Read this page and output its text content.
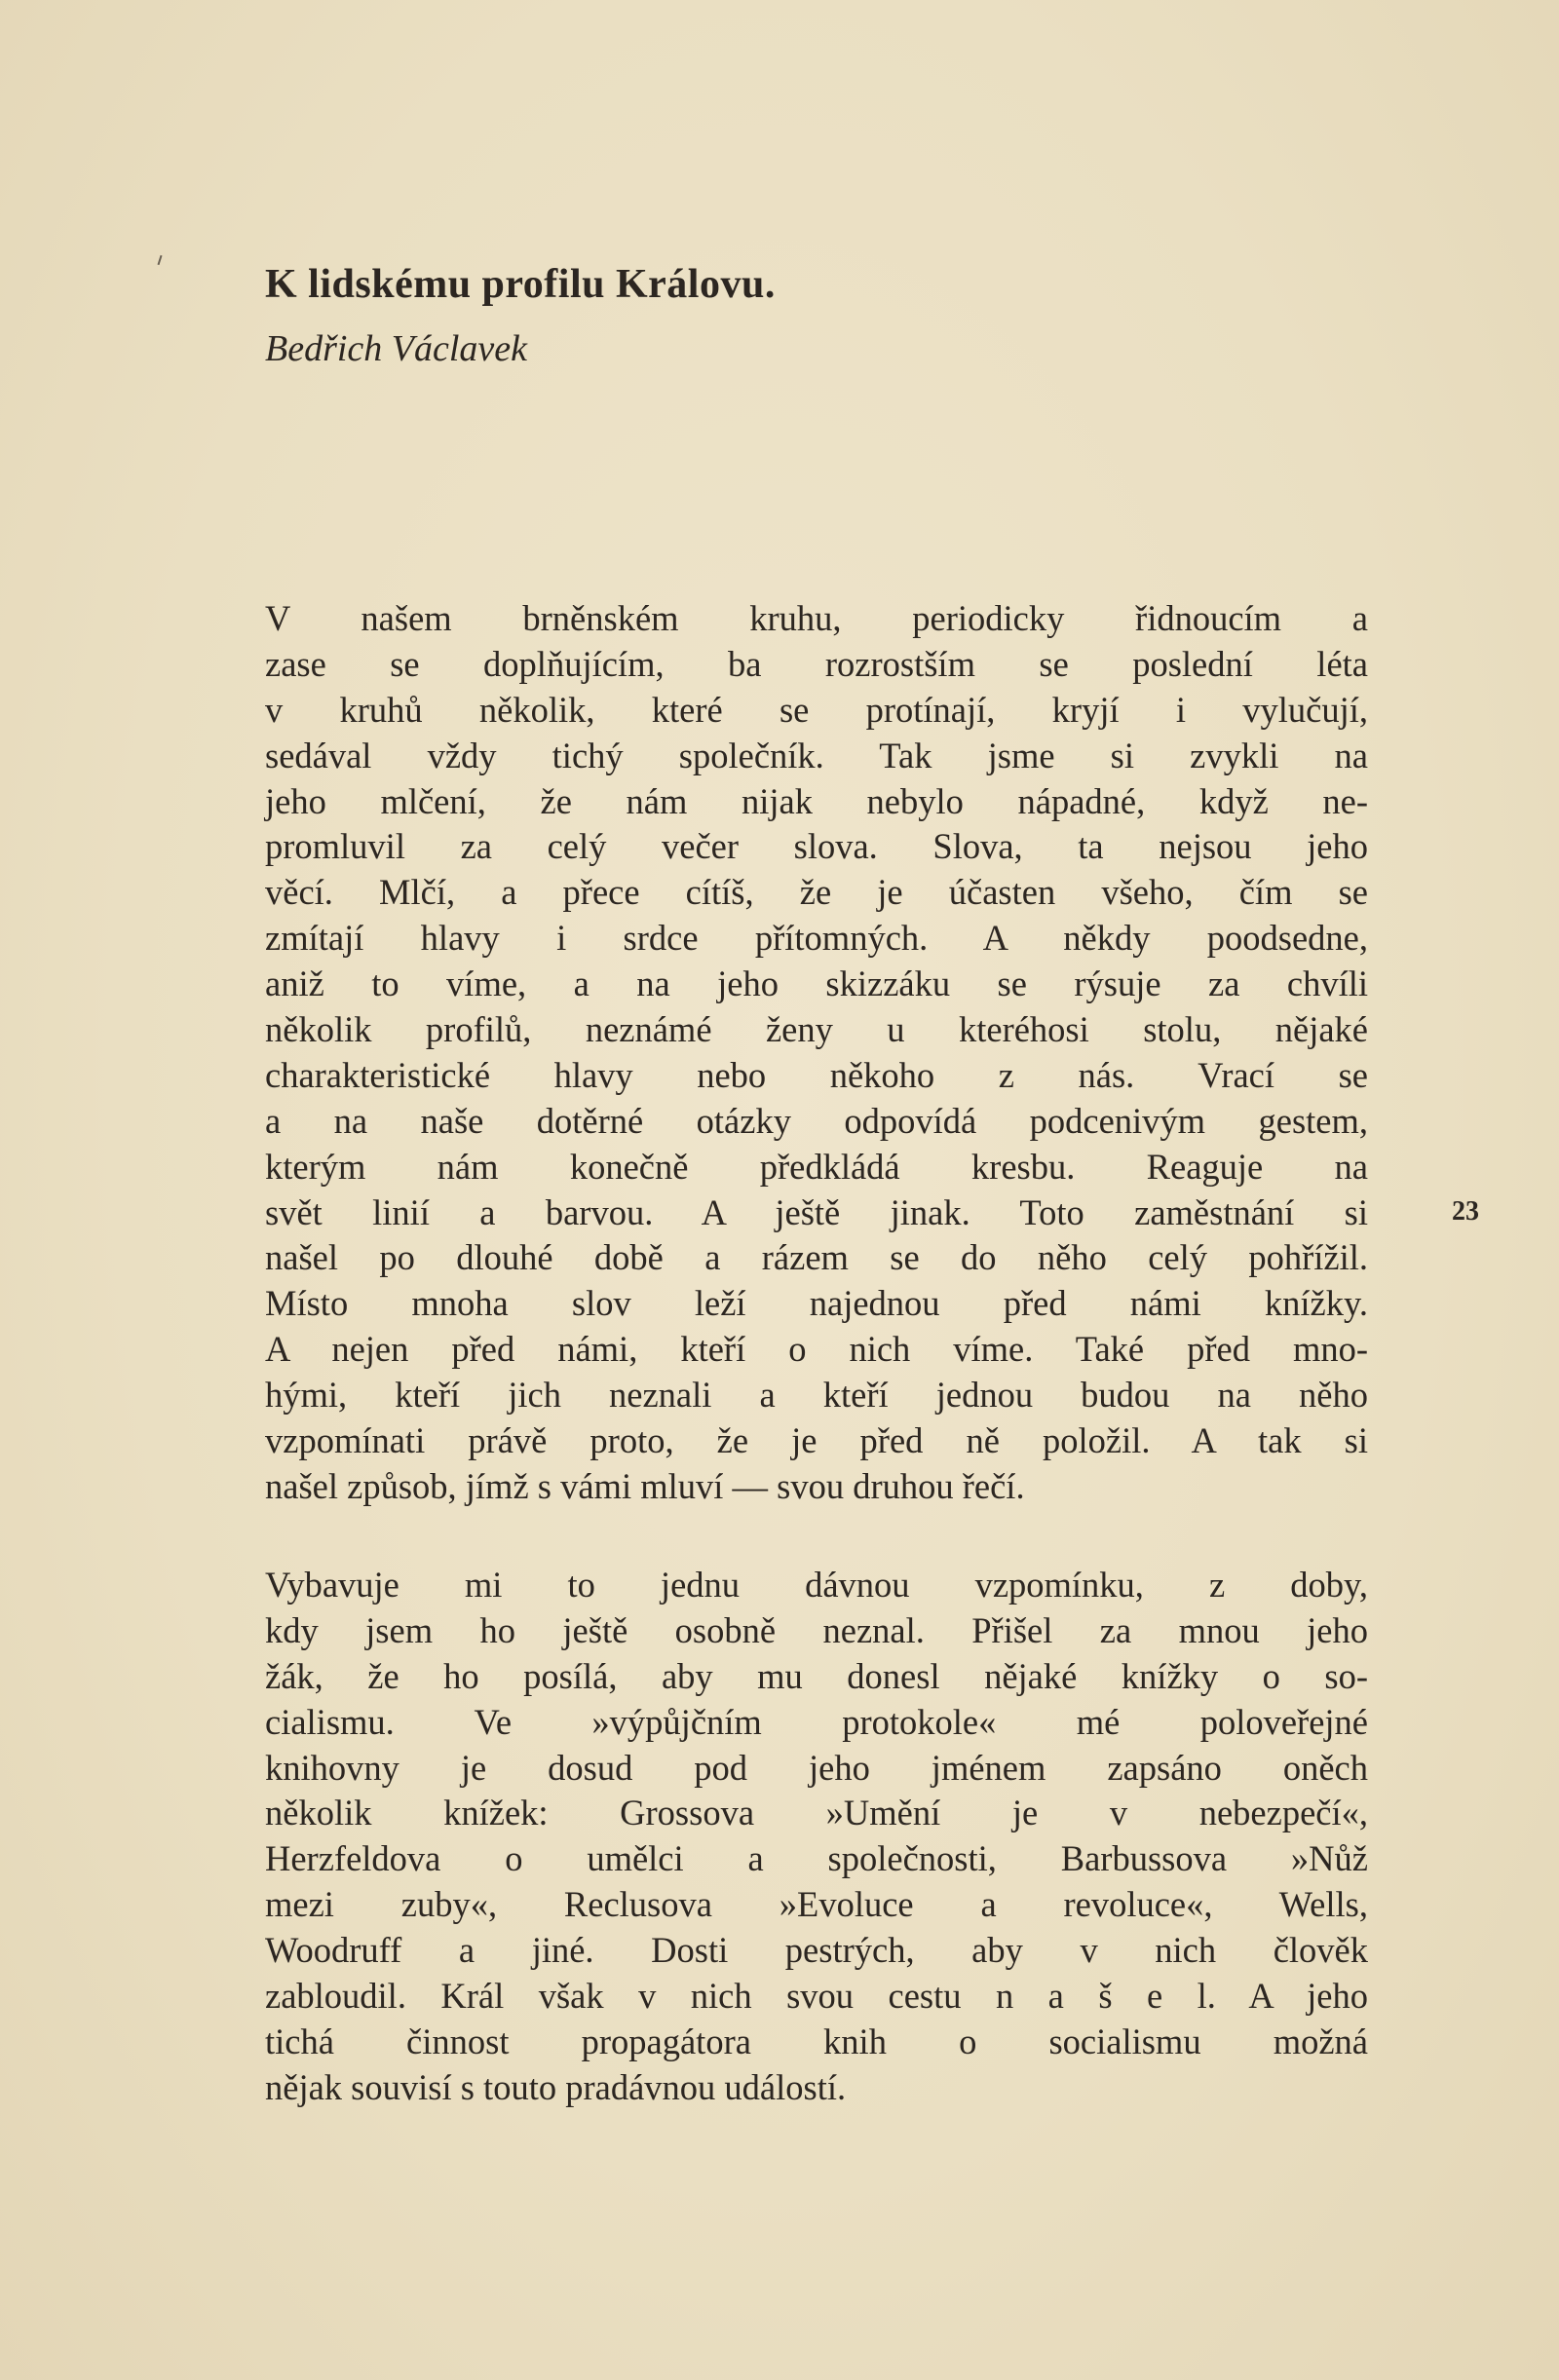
K lidskému profilu Královu.
Bedřich Václavek
V našem brněnském kruhu, periodicky řidnoucím a
zase se doplňujícím, ba rozrostším se poslední léta
v kruhů několik, které se protínají, kryjí i vylučují,
sedával vždy tichý společník. Tak jsme si zvykli na
jeho mlčení, že nám nijak nebylo nápadné, když ne-
promluvil za celý večer slova. Slova, ta nejsou jeho
věcí. Mlčí, a přece cítíš, že je účasten všeho, čím se
zmítají hlavy i srdce přítomných. A někdy poodsedne,
aniž to víme, a na jeho skizzáku se rýsuje za chvíli
několik profilů, neznámé ženy u kteréhosi stolu, nějaké
charakteristické hlavy nebo někoho z nás. Vrací se
a na naše dotěrné otázky odpovídá podcenivým gestem,
kterým nám konečně předkládá kresbu. Reaguje na
svět linií a barvou. A ještě jinak. Toto zaměstnání si
našel po dlouhé době a rázem se do něho celý pohřížil.
Místo mnoha slov leží najednou před námi knížky.
A nejen před námi, kteří o nich víme. Také před mno-
hými, kteří jich neznali a kteří jednou budou na něho
vzpomínati právě proto, že je před ně položil. A tak si
našel způsob, jímž s vámi mluví — svou druhou řečí.
23
Vybavuje mi to jednu dávnou vzpomínku, z doby,
kdy jsem ho ještě osobně neznal. Přišel za mnou jeho
žák, že ho posílá, aby mu donesl nějaké knížky o so-
cialismu. Ve »výpůjčním protokole« mé poloveřejné
knihovny je dosud pod jeho jménem zapsáno oněch
několik knížek: Grossova »Umění je v nebezpečí«,
Herzfeldova o umělci a společnosti, Barbussova »Nůž
mezi zuby«, Reclusova »Evoluce a revoluce«, Wells,
Woodruff a jiné. Dosti pestrých, aby v nich člověk
zabloudil. Král však v nich svou cestu n a š e l. A jeho
tichá činnost propagátora knih o socialismu možná
nějak souvisí s touto pradávnou událostí.
